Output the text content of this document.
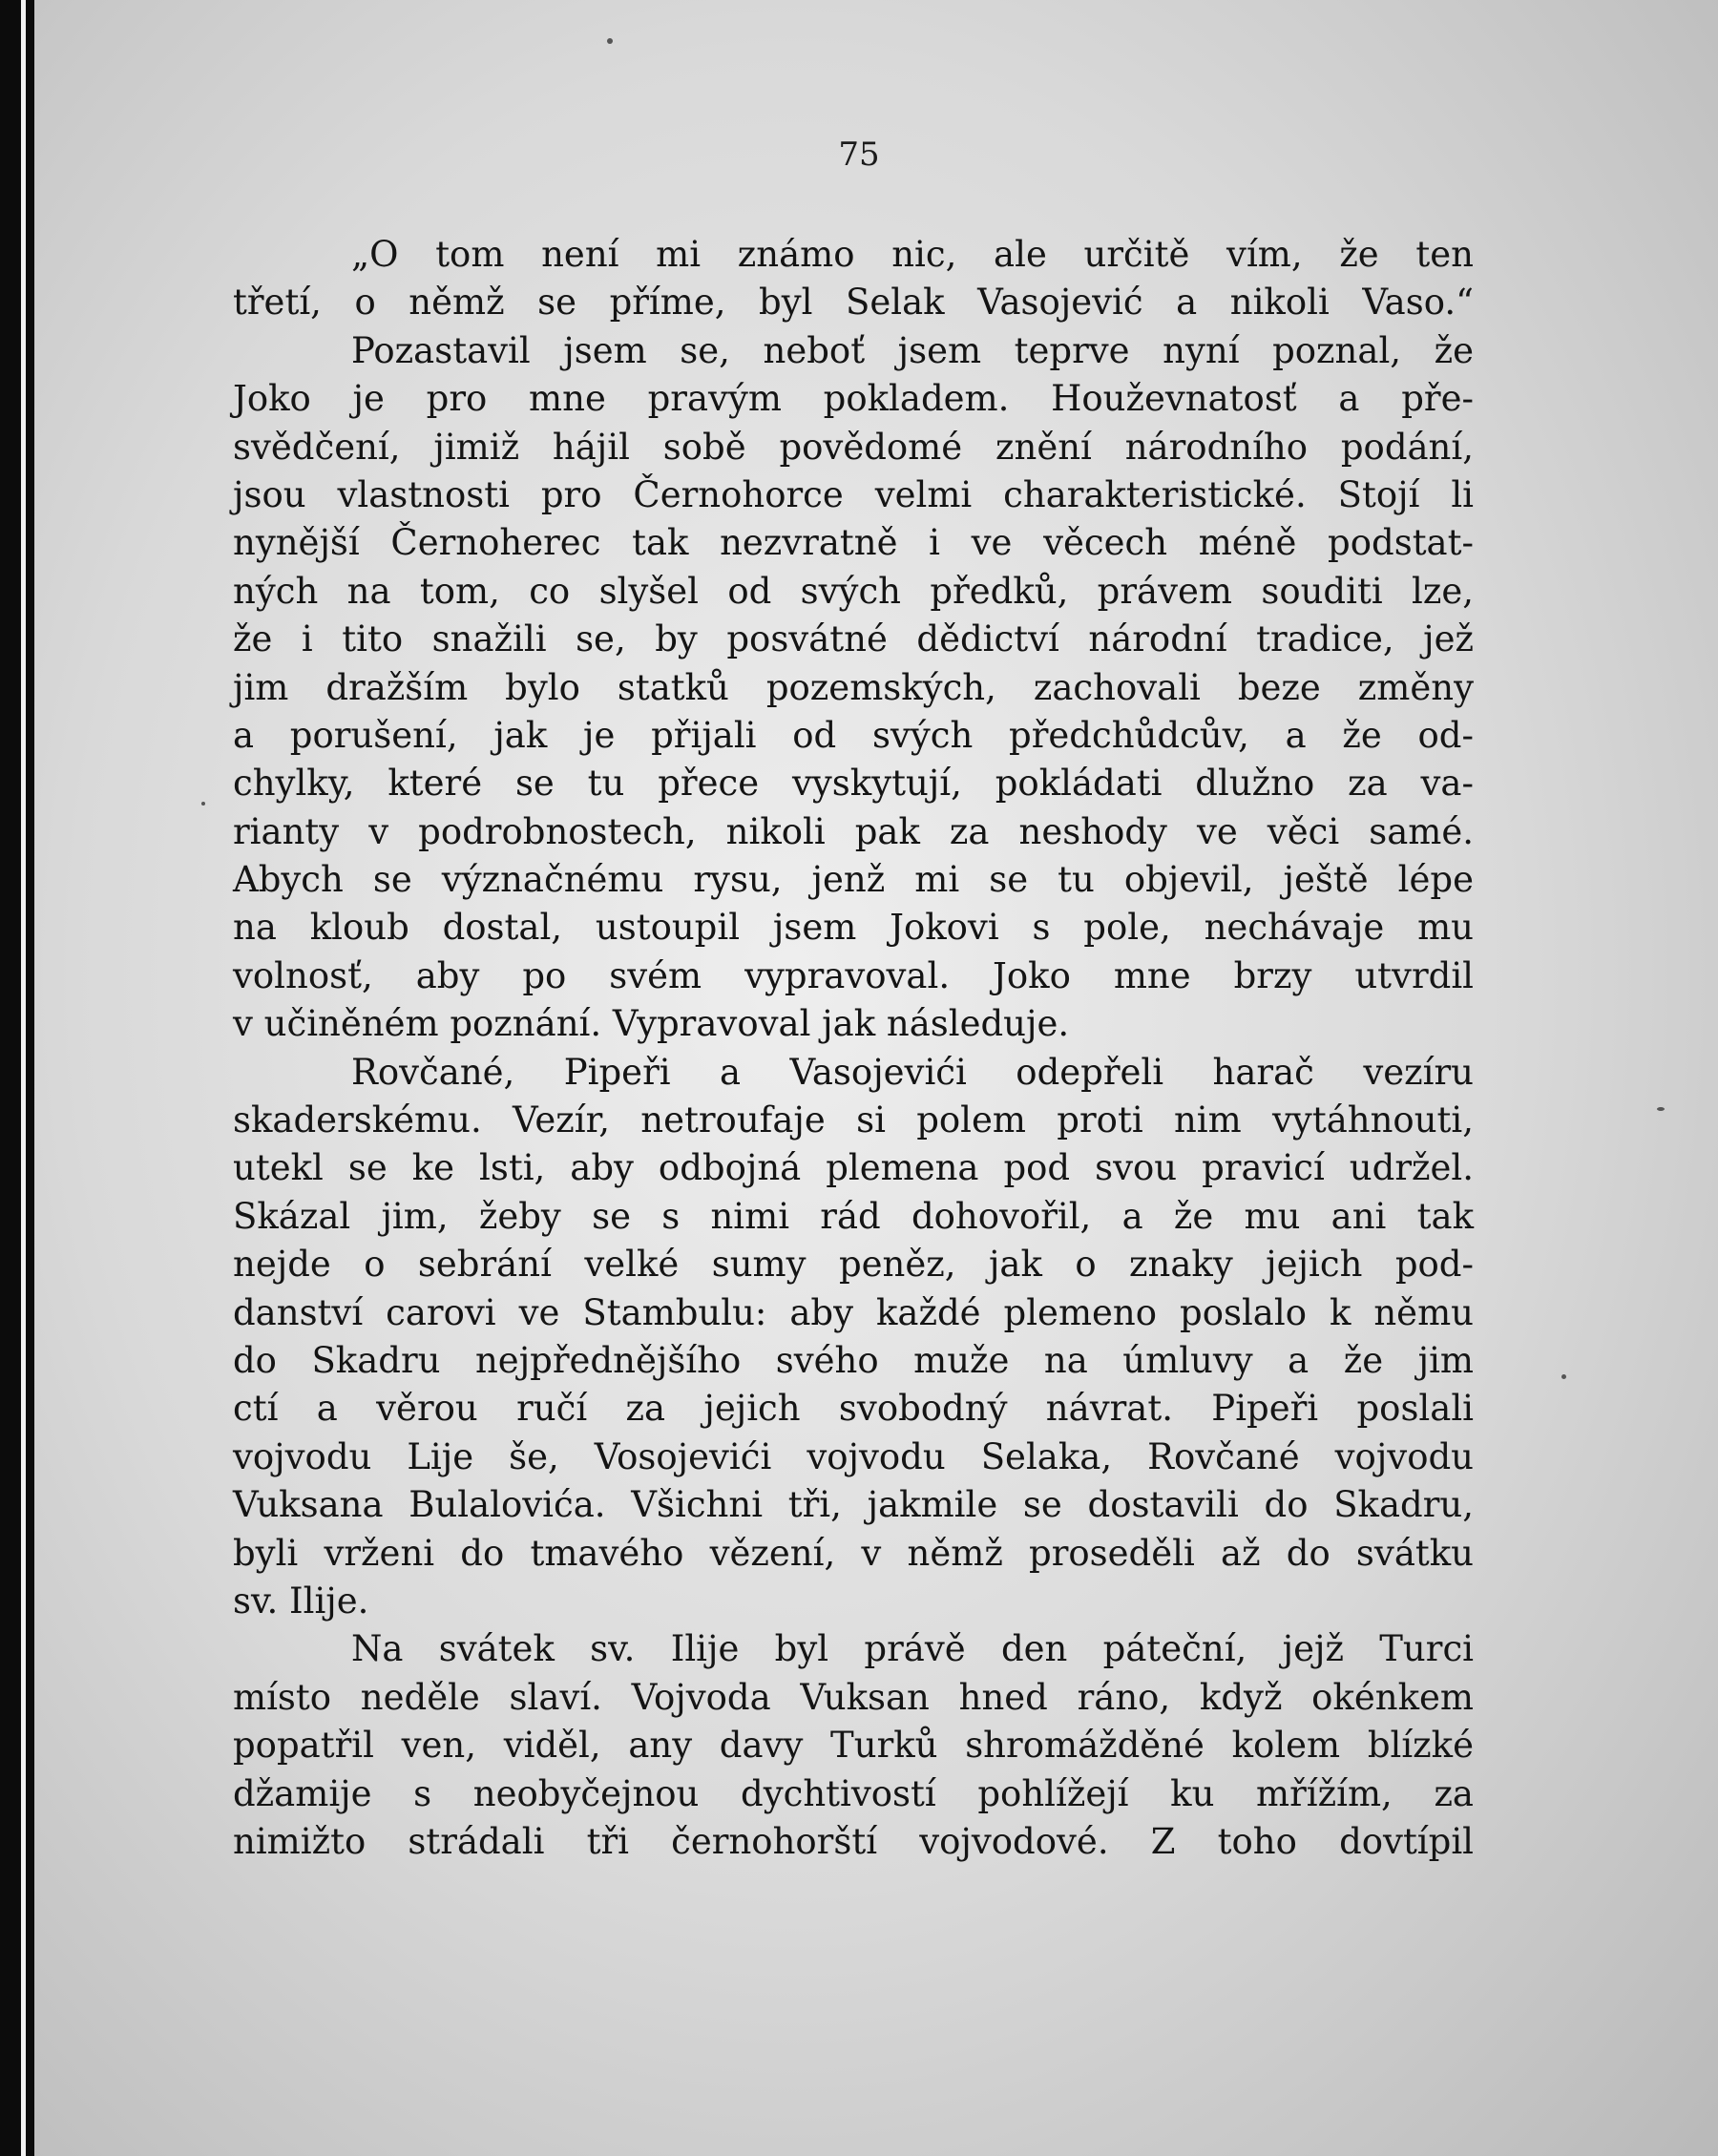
75
„O tom není mi známo nic, ale určitě vím, že ten
třetí, o němž se příme, byl Selak Vasojević a nikoli Vaso.“
Pozastavil jsem se, neboť jsem teprve nyní poznal, že
Joko je pro mne pravým pokladem. Houževnatosť a pře-
svědčení, jimiž hájil sobě povědomé znění národního podání,
jsou vlastnosti pro Černohorce velmi charakteristické. Stojí li
nynější Černoherec tak nezvratně i ve věcech méně podstat-
ných na tom, co slyšel od svých předků, právem souditi lze,
že i tito snažili se, by posvátné dědictví národní tradice, jež
jim dražším bylo statků pozemských, zachovali beze změny
a porušení, jak je přijali od svých předchůdcův, a že od-
chylky, které se tu přece vyskytují, pokládati dlužno za va-
rianty v podrobnostech, nikoli pak za neshody ve věci samé.
Abych se význačnému rysu, jenž mi se tu objevil, ještě lépe
na kloub dostal, ustoupil jsem Jokovi s pole, nechávaje mu
volnosť, aby po svém vypravoval. Joko mne brzy utvrdil
v učiněném poznání. Vypravoval jak následuje.
Rovčané, Pipeři a Vasojevići odepřeli harač vezíru
skaderskému. Vezír, netroufaje si polem proti nim vytáhnouti,
utekl se ke lsti, aby odbojná plemena pod svou pravicí udržel.
Skázal jim, žeby se s nimi rád dohovořil, a že mu ani tak
nejde o sebrání velké sumy peněz, jak o znaky jejich pod-
danství carovi ve Stambulu: aby každé plemeno poslalo k němu
do Skadru nejpřednějšího svého muže na úmluvy a že jim
ctí a věrou ručí za jejich svobodný návrat. Pipeři poslali
vojvodu Lije še, Vosojevići vojvodu Selaka, Rovčané vojvodu
Vuksana Bulalovića. Všichni tři, jakmile se dostavili do Skadru,
byli vrženi do tmavého vězení, v němž proseděli až do svátku
sv. Ilije.
Na svátek sv. Ilije byl právě den páteční, jejž Turci
místo neděle slaví. Vojvoda Vuksan hned ráno, když okénkem
popatřil ven, viděl, any davy Turků shromážděné kolem blízké
džamije s neobyčejnou dychtivostí pohlížejí ku mřížím, za
nimižto strádali tři černohorští vojvodové. Z toho dovtípil
